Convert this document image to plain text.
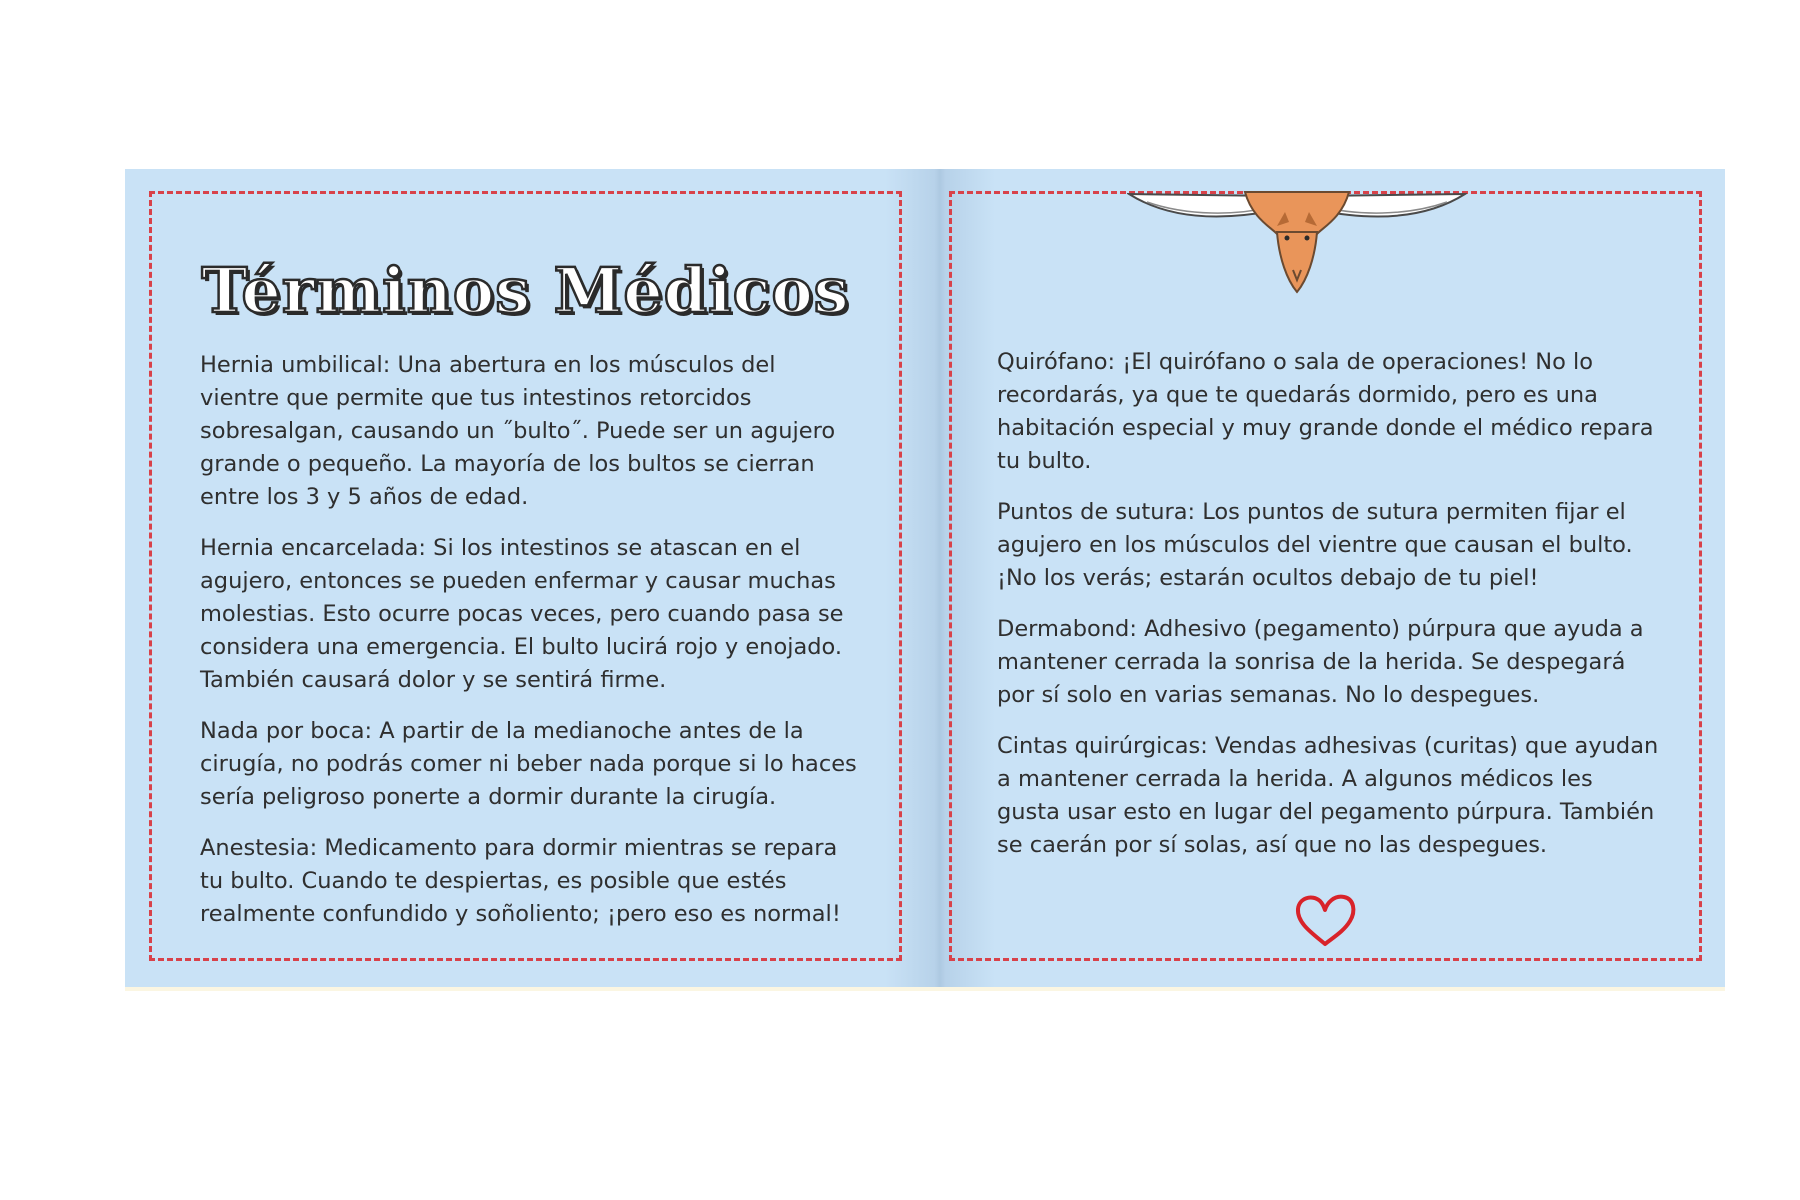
Términos Médicos

Hernia umbilical: Una abertura en los músculos del vientre que permite que tus intestinos retorcidos sobresalgan, causando un ˝bulto˝. Puede ser un agujero grande o pequeño. La mayoría de los bultos se cierran entre los 3 y 5 años de edad.

Hernia encarcelada: Si los intestinos se atascan en el agujero, entonces se pueden enfermar y causar muchas molestias. Esto ocurre pocas veces, pero cuando pasa se considera una emergencia. El bulto lucirá rojo y enojado. También causará dolor y se sentirá firme.

Nada por boca: A partir de la medianoche antes de la cirugía, no podrás comer ni beber nada porque si lo haces sería peligroso ponerte a dormir durante la cirugía.

Anestesia: Medicamento para dormir mientras se repara tu bulto. Cuando te despiertas, es posible que estés realmente confundido y soñoliento; ¡pero eso es normal!

Quirófano: ¡El quirófano o sala de operaciones! No lo recordarás, ya que te quedarás dormido, pero es una habitación especial y muy grande donde el médico repara tu bulto.

Puntos de sutura: Los puntos de sutura permiten fijar el agujero en los músculos del vientre que causan el bulto. ¡No los verás; estarán ocultos debajo de tu piel!

Dermabond: Adhesivo (pegamento) púrpura que ayuda a mantener cerrada la sonrisa de la herida. Se despegará por sí solo en varias semanas. No lo despegues.

Cintas quirúrgicas: Vendas adhesivas (curitas) que ayudan a mantener cerrada la herida. A algunos médicos les gusta usar esto en lugar del pegamento púrpura. También se caerán por sí solas, así que no las despegues.
